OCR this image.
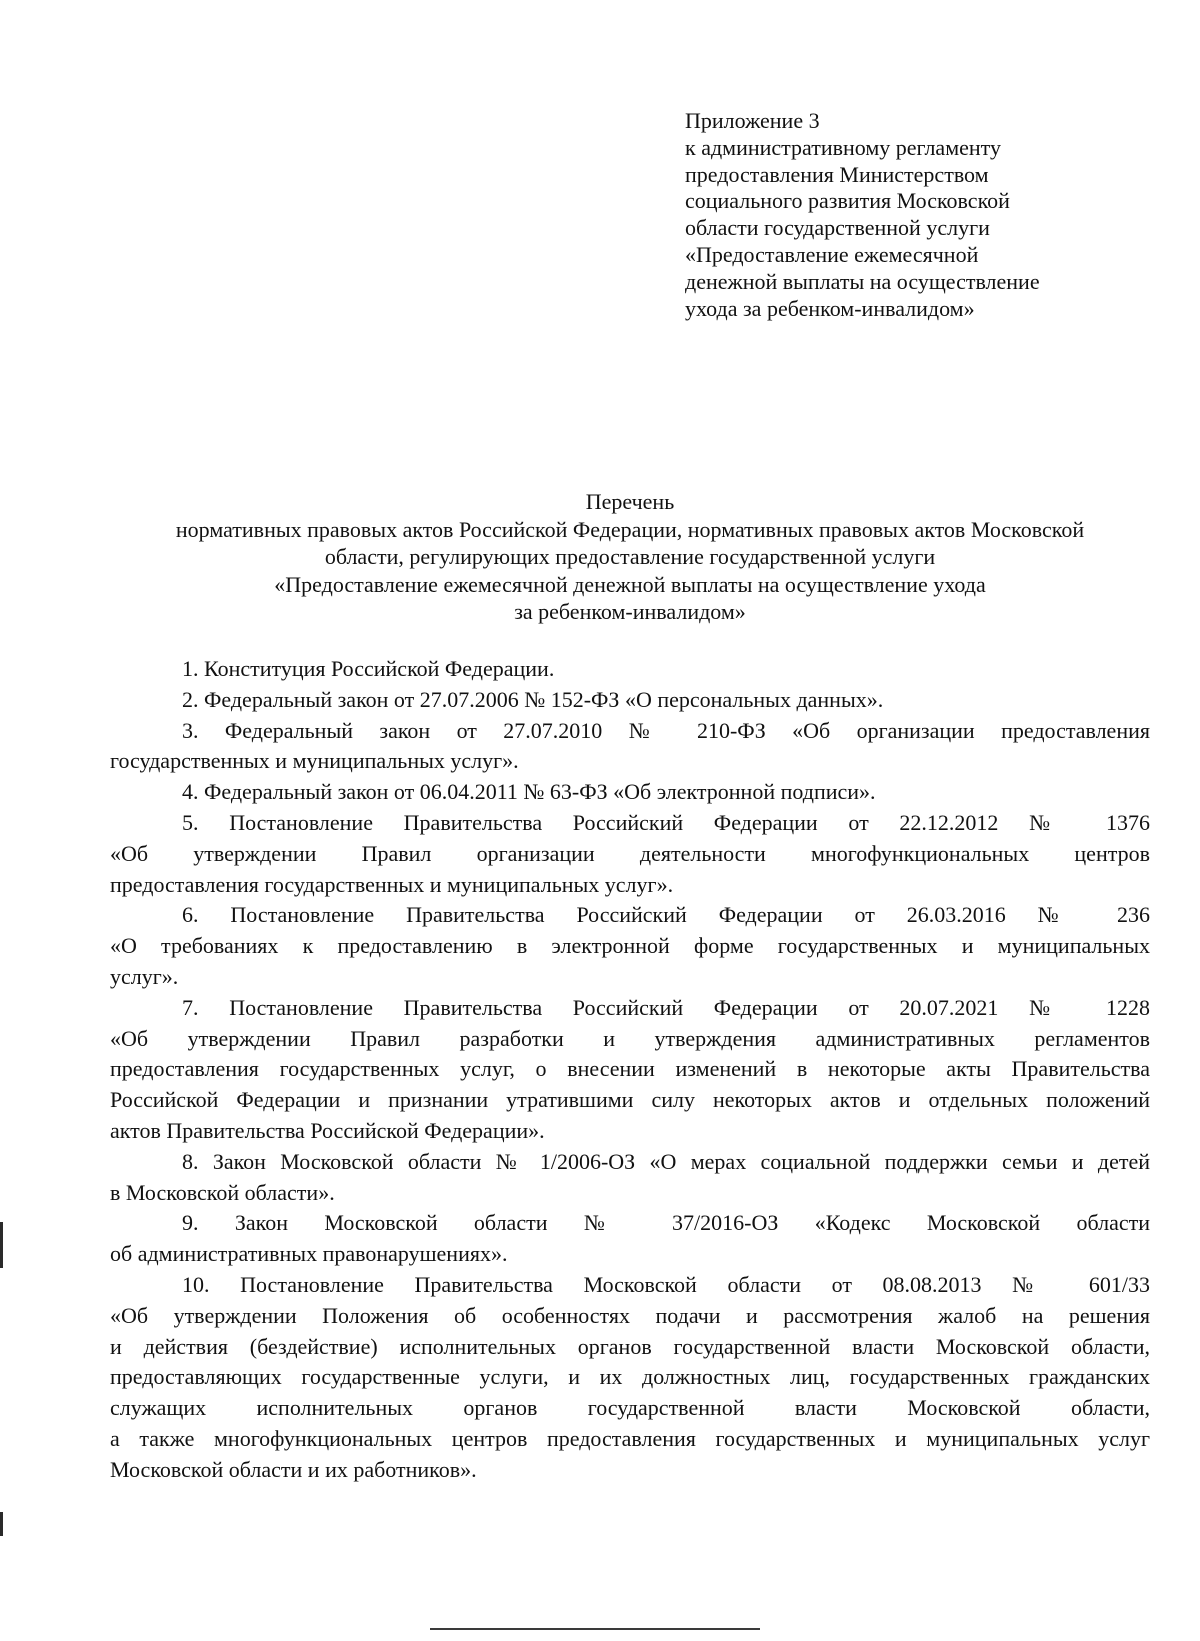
Приложение 3
к административному регламенту
предоставления Министерством
социального развития Московской
области государственной услуги
«Предоставление ежемесячной
денежной выплаты на осуществление
ухода за ребенком-инвалидом»
Перечень
нормативных правовых актов Российской Федерации, нормативных правовых актов Московской
области, регулирующих предоставление государственной услуги
«Предоставление ежемесячной денежной выплаты на осуществление ухода
за ребенком-инвалидом»
1. Конституция Российской Федерации.
2. Федеральный закон от 27.07.2006 № 152-ФЗ «О персональных данных».
3. Федеральный закон от 27.07.2010 № 210-ФЗ «Об организации предоставления
государственных и муниципальных услуг».
4. Федеральный закон от 06.04.2011 № 63-ФЗ «Об электронной подписи».
5. Постановление Правительства Российский Федерации от 22.12.2012 № 1376
«Об утверждении Правил организации деятельности многофункциональных центров
предоставления государственных и муниципальных услуг».
6. Постановление Правительства Российский Федерации от 26.03.2016 № 236
«О требованиях к предоставлению в электронной форме государственных и муниципальных
услуг».
7. Постановление Правительства Российский Федерации от 20.07.2021 № 1228
«Об утверждении Правил разработки и утверждения административных регламентов
предоставления государственных услуг, о внесении изменений в некоторые акты Правительства
Российской Федерации и признании утратившими силу некоторых актов и отдельных положений
актов Правительства Российской Федерации».
8. Закон Московской области № 1/2006-ОЗ «О мерах социальной поддержки семьи и детей
в Московской области».
9. Закон Московской области № 37/2016-ОЗ «Кодекс Московской области
об административных правонарушениях».
10. Постановление Правительства Московской области от 08.08.2013 № 601/33
«Об утверждении Положения об особенностях подачи и рассмотрения жалоб на решения
и действия (бездействие) исполнительных органов государственной власти Московской области,
предоставляющих государственные услуги, и их должностных лиц, государственных гражданских
служащих исполнительных органов государственной власти Московской области,
а также многофункциональных центров предоставления государственных и муниципальных услуг
Московской области и их работников».
